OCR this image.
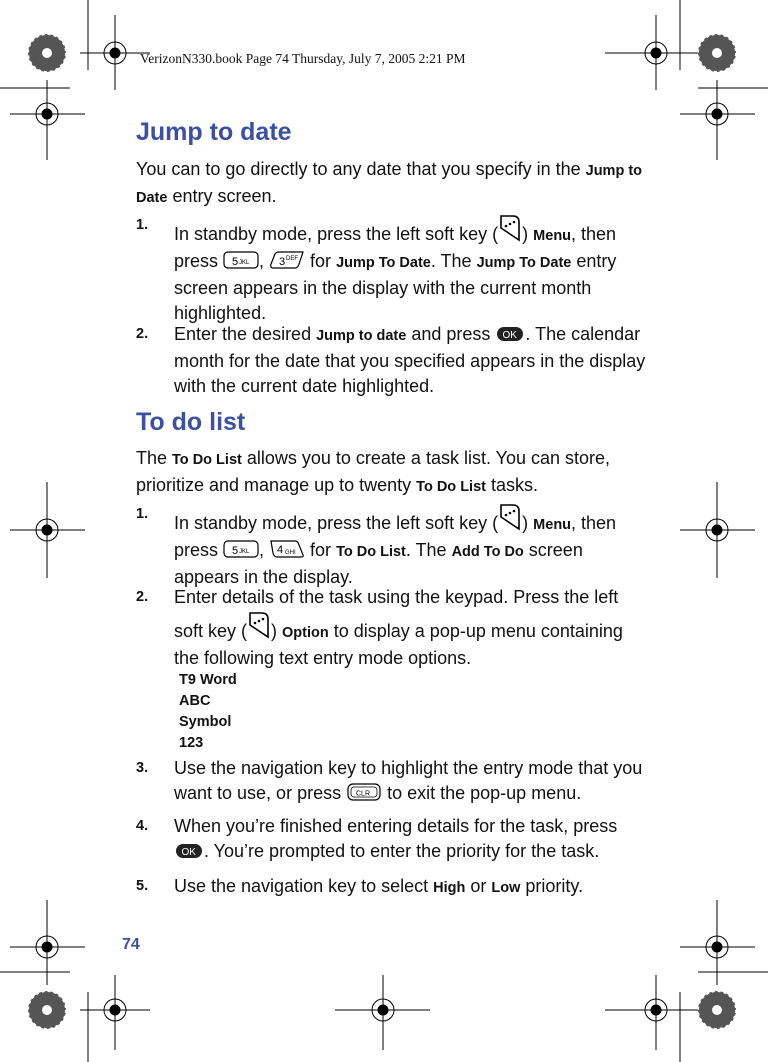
VerizonN330.book Page 74 Thursday, July 7, 2005 2:21 PM
Jump to date

You can to go directly to any date that you specify in the Jump to Date entry screen.

1. In standby mode, press the left soft key ( ) Menu, then press 5 JKL , 3 DEF for Jump To Date. The Jump To Date entry screen appears in the display with the current month highlighted.
2. Enter the desired Jump to date and press OK . The calendar month for the date that you specified appears in the display with the current date highlighted.
To do list

The To Do List allows you to create a task list. You can store, prioritize and manage up to twenty To Do List tasks.

1. In standby mode, press the left soft key ( ) Menu, then press 5 JKL , 4 GHI for To Do List. The Add To Do screen appears in the display.
2. Enter details of the task using the keypad. Press the left soft key ( ) Option to display a pop-up menu containing the following text entry mode options.
T9 Word
ABC
Symbol
123
3. Use the navigation key to highlight the entry mode that you want to use, or press CLR to exit the pop-up menu.
4. When you’re finished entering details for the task, press
OK . You’re prompted to enter the priority for the task.
5. Use the navigation key to select High or Low priority.
74
